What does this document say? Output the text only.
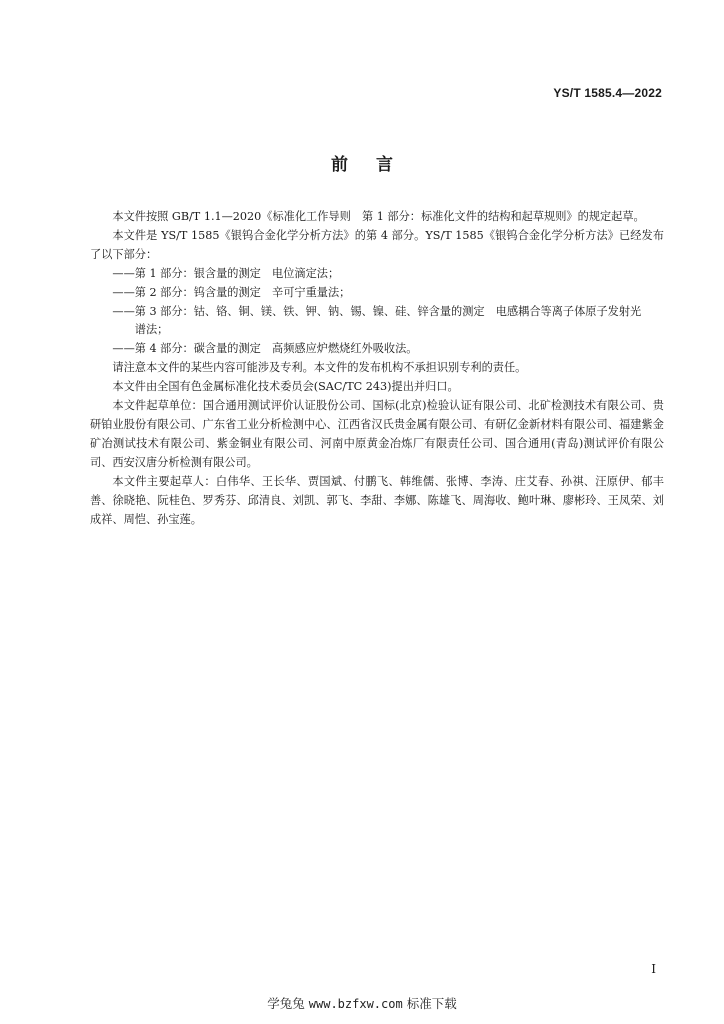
YS/T 1585.4—2022
前言

本文件按照 GB/T 1.1—2020《标准化工作导则　第 1 部分：标准化文件的结构和起草规则》的规定起草。

本文件是 YS/T 1585《银钨合金化学分析方法》的第 4 部分。YS/T 1585《银钨合金化学分析方法》已经发布了以下部分：

——第 1 部分：银含量的测定　电位滴定法；

——第 2 部分：钨含量的测定　辛可宁重量法；

——第 3 部分：钴、铬、铜、镁、铁、钾、钠、锡、镍、硅、锌含量的测定　电感耦合等离子体原子发射光
谱法；

——第 4 部分：碳含量的测定　高频感应炉燃烧红外吸收法。

请注意本文件的某些内容可能涉及专利。本文件的发布机构不承担识别专利的责任。

本文件由全国有色金属标准化技术委员会(SAC/TC 243)提出并归口。

本文件起草单位：国合通用测试评价认证股份公司、国标(北京)检验认证有限公司、北矿检测技术有限公司、贵研铂业股份有限公司、广东省工业分析检测中心、江西省汉氏贵金属有限公司、有研亿金新材料有限公司、福建紫金矿冶测试技术有限公司、紫金铜业有限公司、河南中原黄金冶炼厂有限责任公司、国合通用(青岛)测试评价有限公司、西安汉唐分析检测有限公司。

本文件主要起草人：白伟华、王长华、贾国斌、付鹏飞、韩维儒、张博、李涛、庄艾春、孙祺、汪原伊、郁丰善、徐晓艳、阮桂色、罗秀芬、邱清良、刘凯、郭飞、李甜、李娜、陈雄飞、周海收、鲍叶琳、廖彬玲、王凤荣、刘成祥、周恺、孙宝莲。

I
学兔兔 www.bzfxw.com 标准下载
